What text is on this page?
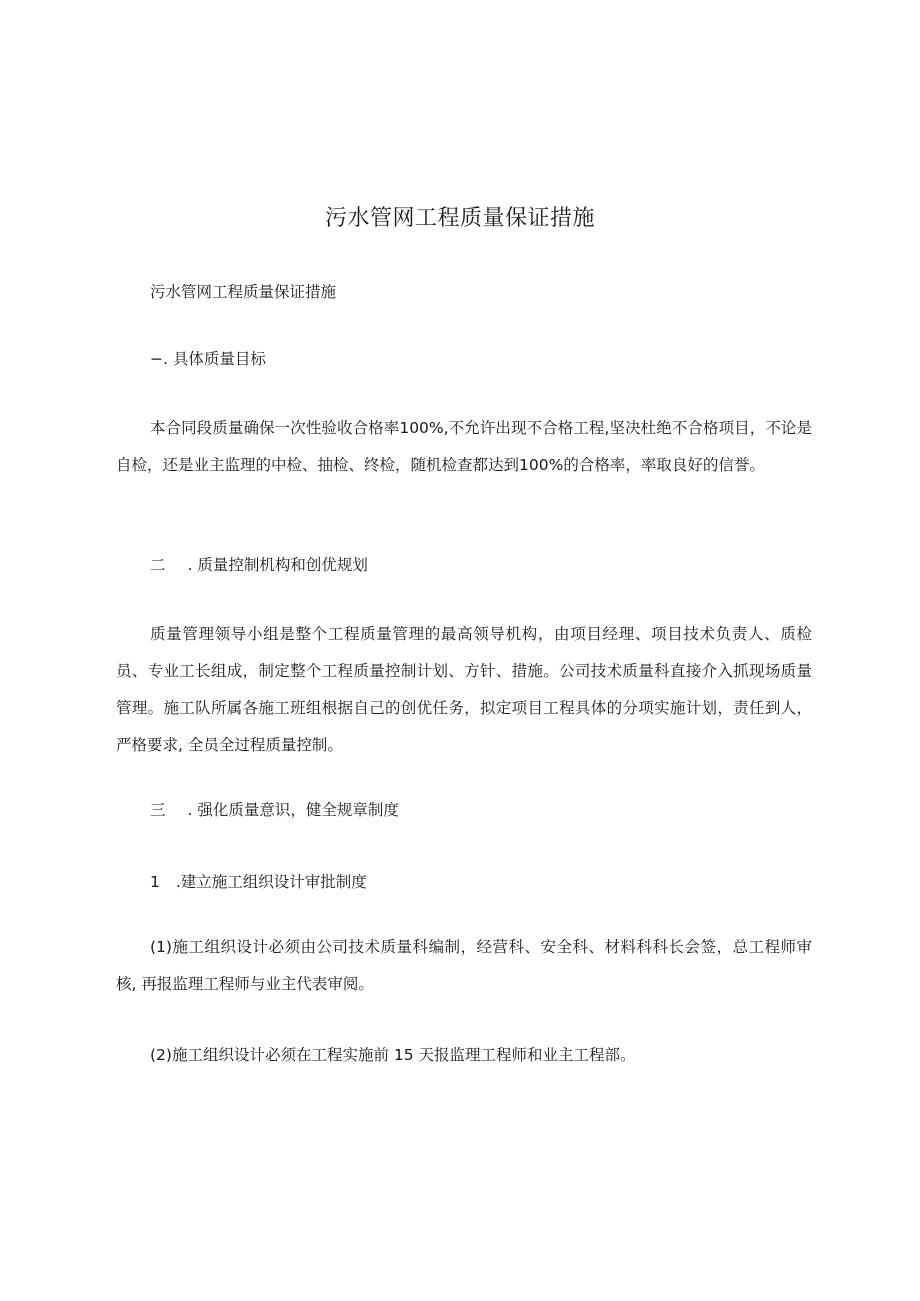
污水管网工程质量保证措施

污水管网工程质量保证措施

−. 具体质量目标

本合同段质量确保一次性验收合格率100%,不允许出现不合格工程,坚决杜绝不合格项目，不论是自检，还是业主监理的中检、抽检、终检，随机检查都达到100%的合格率，率取良好的信誉。

二 . 质量控制机构和创优规划

质量管理领导小组是整个工程质量管理的最高领导机构，由项目经理、项目技术负责人、质检员、专业工长组成，制定整个工程质量控制计划、方针、措施。公司技术质量科直接介入抓现场质量管理。施工队所属各施工班组根据自己的创优任务，拟定项目工程具体的分项实施计划，责任到人，严格要求, 全员全过程质量控制。

三 . 强化质量意识，健全规章制度

1 .建立施工组织设计审批制度

(1)施工组织设计必须由公司技术质量科编制，经营科、安全科、材料科科长会签，总工程师审核, 再报监理工程师与业主代表审阅。

(2)施工组织设计必须在工程实施前 15 天报监理工程师和业主工程部。
